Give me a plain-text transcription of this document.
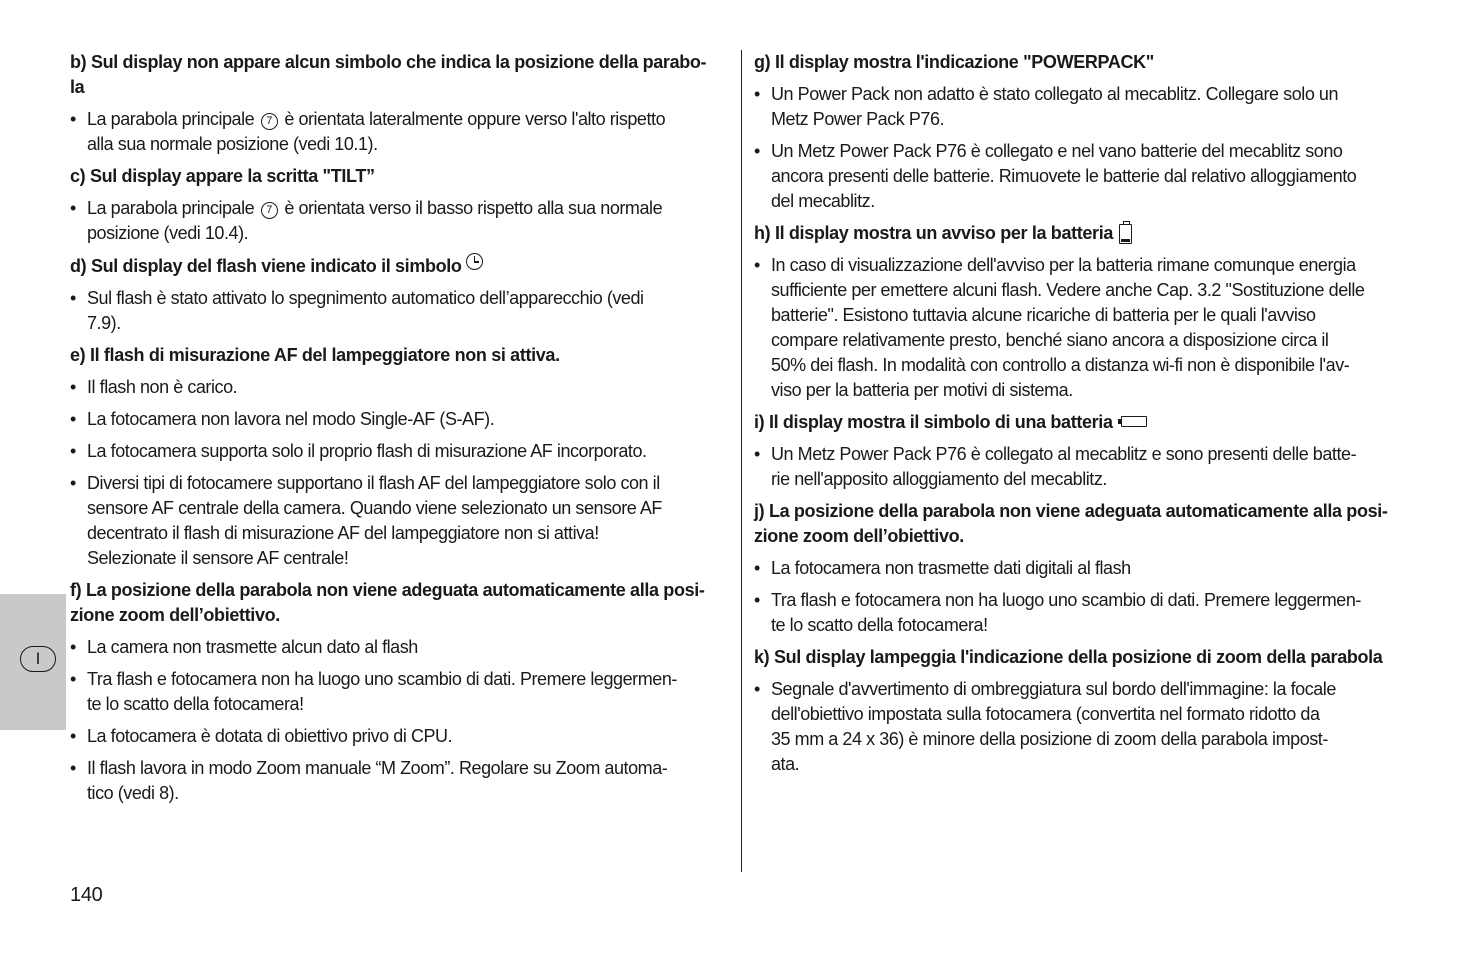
I
b) Sul display non appare alcun simbolo che indica la posizione della parabo-
la
• La parabola principale 7 è orientata lateralmente oppure verso l'alto rispetto
alla sua normale posizione (vedi 10.1).
c) Sul display appare la scritta "TILT”
• La parabola principale 7 è orientata verso il basso rispetto alla sua normale
posizione (vedi 10.4).
d) Sul display del flash viene indicato il simbolo
• Sul flash è stato attivato lo spegnimento automatico dell’apparecchio (vedi
7.9).
e) Il flash di misurazione AF del lampeggiatore non si attiva.
• Il flash non è carico.
• La fotocamera non lavora nel modo Single-AF (S-AF).
• La fotocamera supporta solo il proprio flash di misurazione AF incorporato.
• Diversi tipi di fotocamere supportano il flash AF del lampeggiatore solo con il
sensore AF centrale della camera. Quando viene selezionato un sensore AF
decentrato il flash di misurazione AF del lampeggiatore non si attiva!
Selezionate il sensore AF centrale!
f) La posizione della parabola non viene adeguata automaticamente alla posi-
zione zoom dell’obiettivo.
• La camera non trasmette alcun dato al flash
• Tra flash e fotocamera non ha luogo uno scambio di dati. Premere leggermen-
te lo scatto della fotocamera!
• La fotocamera è dotata di obiettivo privo di CPU.
• Il flash lavora in modo Zoom manuale “M Zoom”. Regolare su Zoom automa-
tico (vedi 8).
g) Il display mostra l'indicazione "POWERPACK"
• Un Power Pack non adatto è stato collegato al mecablitz. Collegare solo un
Metz Power Pack P76.
• Un Metz Power Pack P76 è collegato e nel vano batterie del mecablitz sono
ancora presenti delle batterie. Rimuovete le batterie dal relativo alloggiamento
del mecablitz.
h) Il display mostra un avviso per la batteria
• In caso di visualizzazione dell'avviso per la batteria rimane comunque energia
sufficiente per emettere alcuni flash. Vedere anche Cap. 3.2 "Sostituzione delle
batterie". Esistono tuttavia alcune ricariche di batteria per le quali l'avviso
compare relativamente presto, benché siano ancora a disposizione circa il
50% dei flash. In modalità con controllo a distanza wi-fi non è disponibile l'av-
viso per la batteria per motivi di sistema.
i) Il display mostra il simbolo di una batteria
• Un Metz Power Pack P76 è collegato al mecablitz e sono presenti delle batte-
rie nell'apposito alloggiamento del mecablitz.
j) La posizione della parabola non viene adeguata automaticamente alla posi-
zione zoom dell’obiettivo.
• La fotocamera non trasmette dati digitali al flash
• Tra flash e fotocamera non ha luogo uno scambio di dati. Premere leggermen-
te lo scatto della fotocamera!
k) Sul display lampeggia l'indicazione della posizione di zoom della parabola
• Segnale d'avvertimento di ombreggiatura sul bordo dell'immagine: la focale
dell'obiettivo impostata sulla fotocamera (convertita nel formato ridotto da
35 mm a 24 x 36) è minore della posizione di zoom della parabola impost-
ata.
140
